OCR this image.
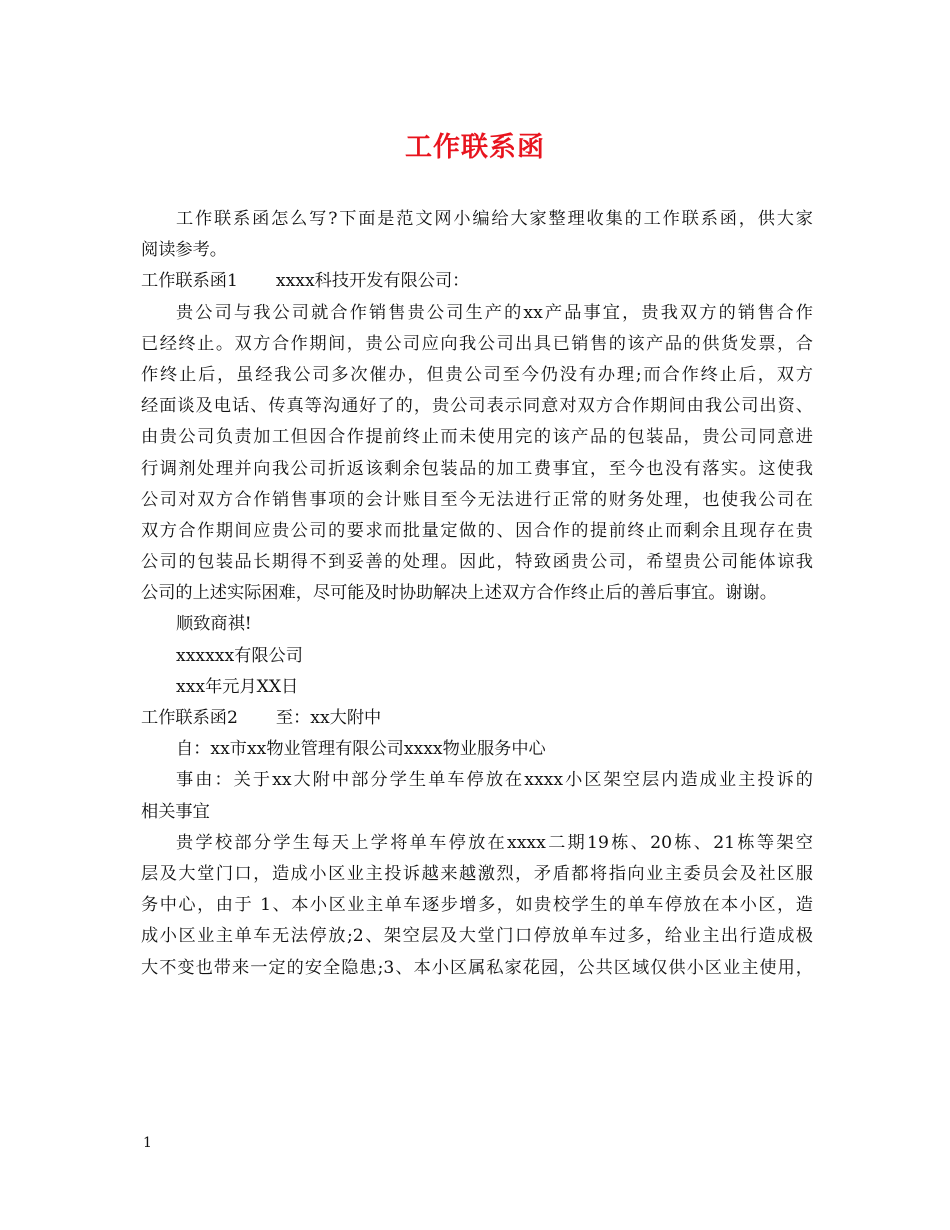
工作联系函
工作联系函怎么写?下面是范文网小编给大家整理收集的工作联系函，供大家
阅读参考。
工作联系函1 xxxx科技开发有限公司：
贵公司与我公司就合作销售贵公司生产的xx产品事宜，贵我双方的销售合作
已经终止。双方合作期间，贵公司应向我公司出具已销售的该产品的供货发票，合
作终止后，虽经我公司多次催办，但贵公司至今仍没有办理;而合作终止后，双方
经面谈及电话、传真等沟通好了的，贵公司表示同意对双方合作期间由我公司出资、
由贵公司负责加工但因合作提前终止而未使用完的该产品的包装品，贵公司同意进
行调剂处理并向我公司折返该剩余包装品的加工费事宜，至今也没有落实。这使我
公司对双方合作销售事项的会计账目至今无法进行正常的财务处理，也使我公司在
双方合作期间应贵公司的要求而批量定做的、因合作的提前终止而剩余且现存在贵
公司的包装品长期得不到妥善的处理。因此，特致函贵公司，希望贵公司能体谅我
公司的上述实际困难，尽可能及时协助解决上述双方合作终止后的善后事宜。谢谢。
顺致商祺!
xxxxxx有限公司
xxx年元月XX日
工作联系函2 至：xx大附中
自：xx市xx物业管理有限公司xxxx物业服务中心
事由：关于xx大附中部分学生单车停放在xxxx小区架空层内造成业主投诉的
相关事宜
贵学校部分学生每天上学将单车停放在xxxx二期19栋、20栋、21栋等架空
层及大堂门口，造成小区业主投诉越来越激烈，矛盾都将指向业主委员会及社区服
务中心，由于 1、本小区业主单车逐步增多，如贵校学生的单车停放在本小区，造
成小区业主单车无法停放;2、架空层及大堂门口停放单车过多，给业主出行造成极
大不变也带来一定的安全隐患;3、本小区属私家花园，公共区域仅供小区业主使用，
1
